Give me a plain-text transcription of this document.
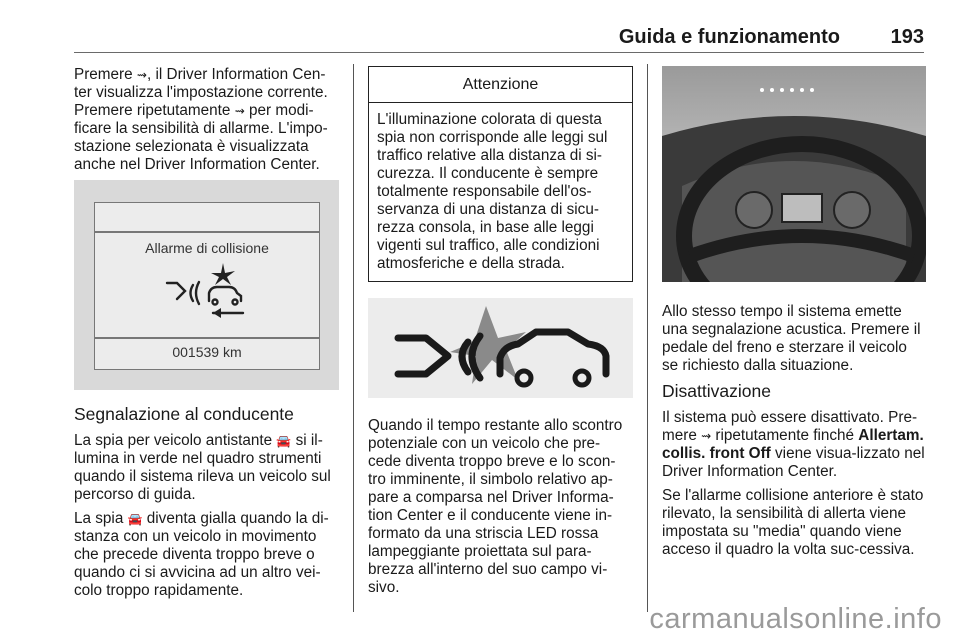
Guida e funzionamento	193

Premere ⇝, il Driver Information Cen-ter visualizza l'impostazione corrente. Premere ripetutamente ⇝ per modi-ficare la sensibilità di allarme. L'impo-stazione selezionata è visualizzata anche nel Driver Information Center.

Allarme di collisione
001539 km
Segnalazione al conducente

La spia per veicolo antistante 🚘 si il-lumina in verde nel quadro strumenti quando il sistema rileva un veicolo sul percorso di guida.

La spia 🚘 diventa gialla quando la di-stanza con un veicolo in movimento che precede diventa troppo breve o quando ci si avvicina ad un altro vei-colo troppo rapidamente.

Attenzione
L'illuminazione colorata di questa spia non corrisponde alle leggi sul traffico relative alla distanza di si-curezza. Il conducente è sempre totalmente responsabile dell'os-servanza di una distanza di sicu-rezza consola, in base alle leggi vigenti sul traffico, alle condizioni atmosferiche e della strada.

Quando il tempo restante allo scontro potenziale con un veicolo che pre-cede diventa troppo breve e lo scon-tro imminente, il simbolo relativo ap-pare a comparsa nel Driver Informa-tion Center e il conducente viene in-formato da una striscia LED rossa lampeggiante proiettata sul para-brezza all'interno del suo campo vi-sivo.

Allo stesso tempo il sistema emette una segnalazione acustica. Premere il pedale del freno e sterzare il veicolo se richiesto dalla situazione.

Disattivazione

Il sistema può essere disattivato. Pre-mere ⇝ ripetutamente finché Allertam. collis. front Off viene visua-lizzato nel Driver Information Center.

Se l'allarme collisione anteriore è stato rilevato, la sensibilità di allerta viene impostata su "media" quando viene acceso il quadro la volta suc-cessiva.

carmanualsonline.info
